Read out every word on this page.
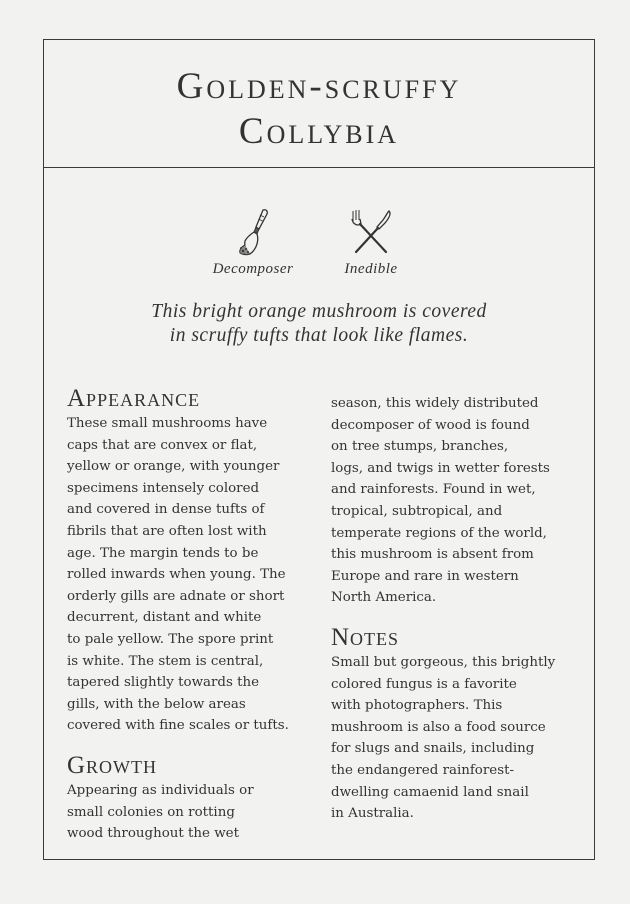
Golden-scruffy
Collybia
Decomposer	Inedible
This bright orange mushroom is covered
in scruffy tufts that look like flames.
Appearance
These small mushrooms have
caps that are convex or flat,
yellow or orange, with younger
specimens intensely colored
and covered in dense tufts of
fibrils that are often lost with
age. The margin tends to be
rolled inwards when young. The
orderly gills are adnate or short
decurrent, distant and white
to pale yellow. The spore print
is white. The stem is central,
tapered slightly towards the
gills, with the below areas
covered with fine scales or tufts.
Growth
Appearing as individuals or
small colonies on rotting
wood throughout the wet
season, this widely distributed
decomposer of wood is found
on tree stumps, branches,
logs, and twigs in wetter forests
and rainforests. Found in wet,
tropical, subtropical, and
temperate regions of the world,
this mushroom is absent from
Europe and rare in western
North America.
Notes
Small but gorgeous, this brightly
colored fungus is a favorite
with photographers. This
mushroom is also a food source
for slugs and snails, including
the endangered rainforest-
dwelling camaenid land snail
in Australia.
